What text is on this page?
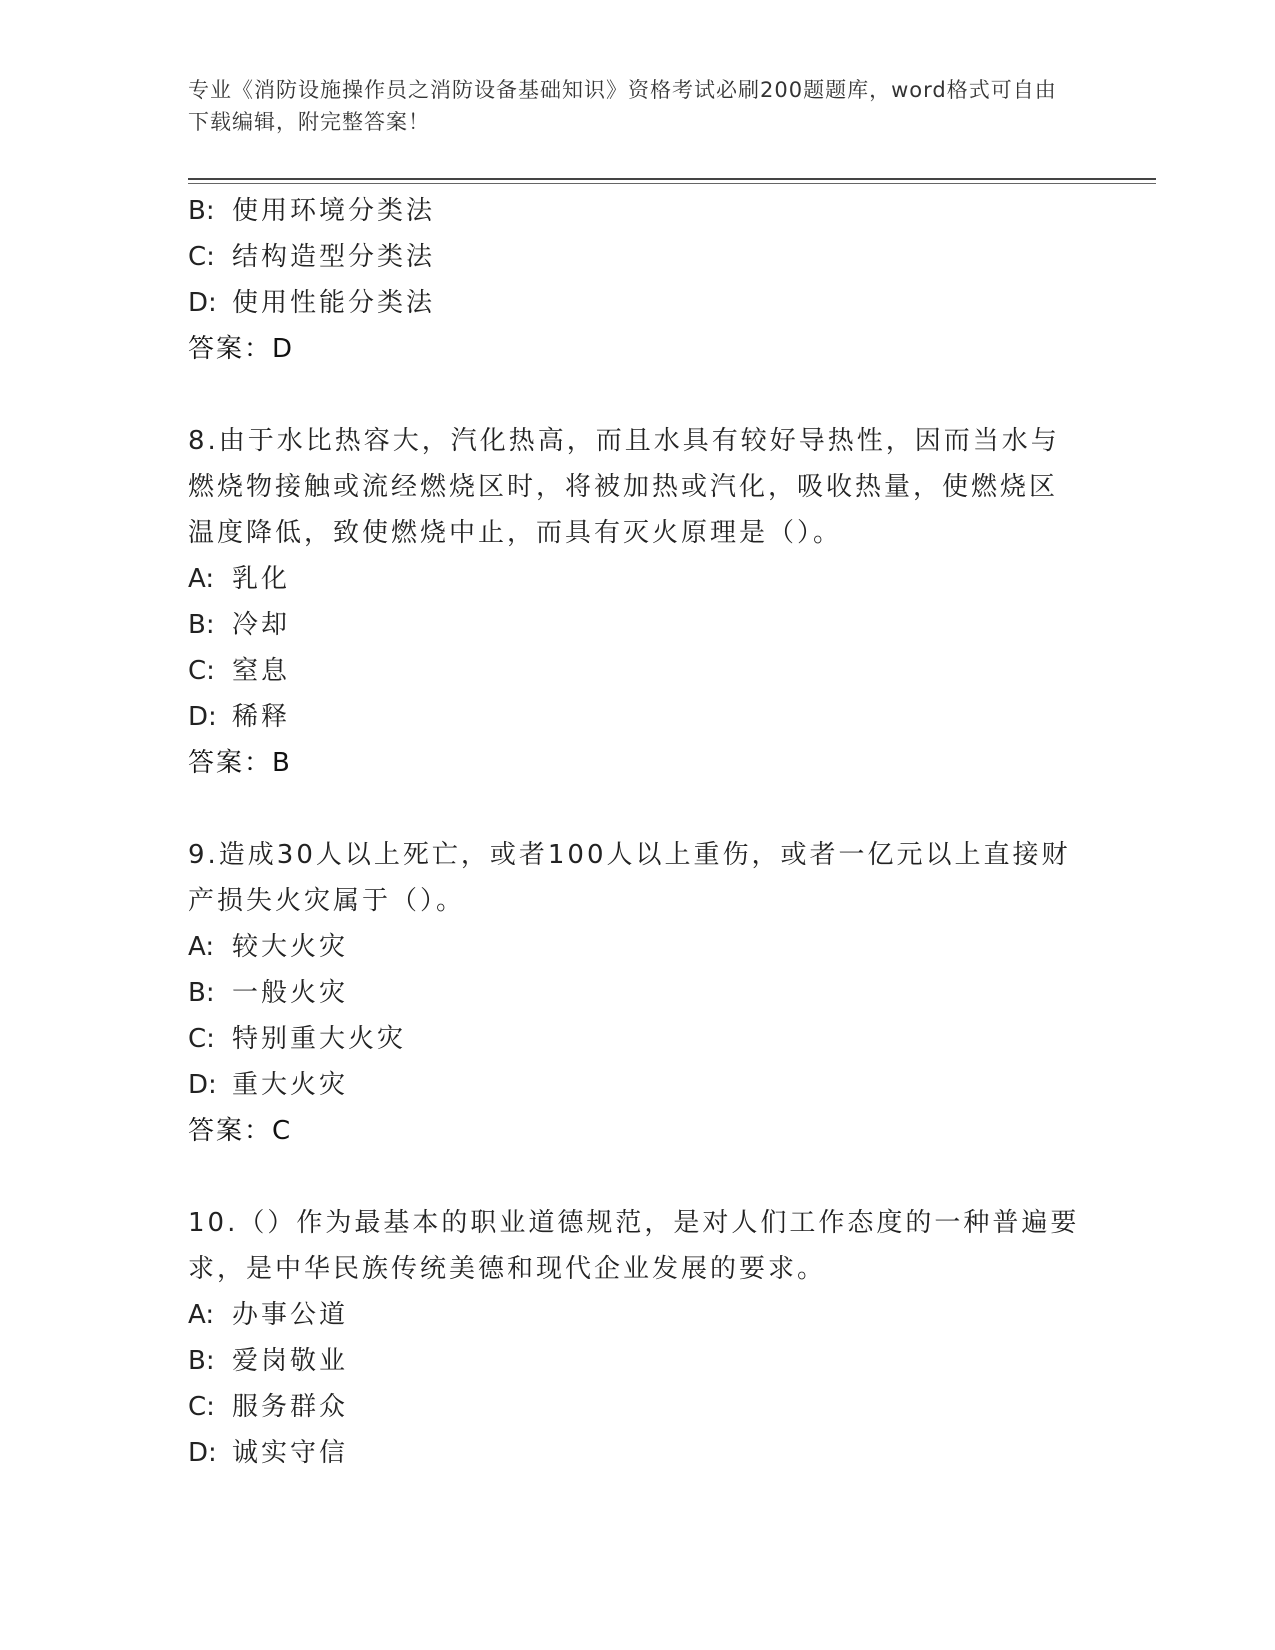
专业《消防设施操作员之消防设备基础知识》资格考试必刷200题题库，word格式可自由下载编辑，附完整答案！
B: 使用环境分类法
C: 结构造型分类法
D: 使用性能分类法
答案：D
8.由于水比热容大，汽化热高，而且水具有较好导热性，因而当水与
燃烧物接触或流经燃烧区时，将被加热或汽化，吸收热量，使燃烧区
温度降低，致使燃烧中止，而具有灭火原理是（）。
A: 乳化
B: 冷却
C: 窒息
D: 稀释
答案：B
9.造成30人以上死亡，或者100人以上重伤，或者一亿元以上直接财
产损失火灾属于（）。
A: 较大火灾
B: 一般火灾
C: 特别重大火灾
D: 重大火灾
答案：C
10.（）作为最基本的职业道德规范，是对人们工作态度的一种普遍要
求，是中华民族传统美德和现代企业发展的要求。
A: 办事公道
B: 爱岗敬业
C: 服务群众
D: 诚实守信
